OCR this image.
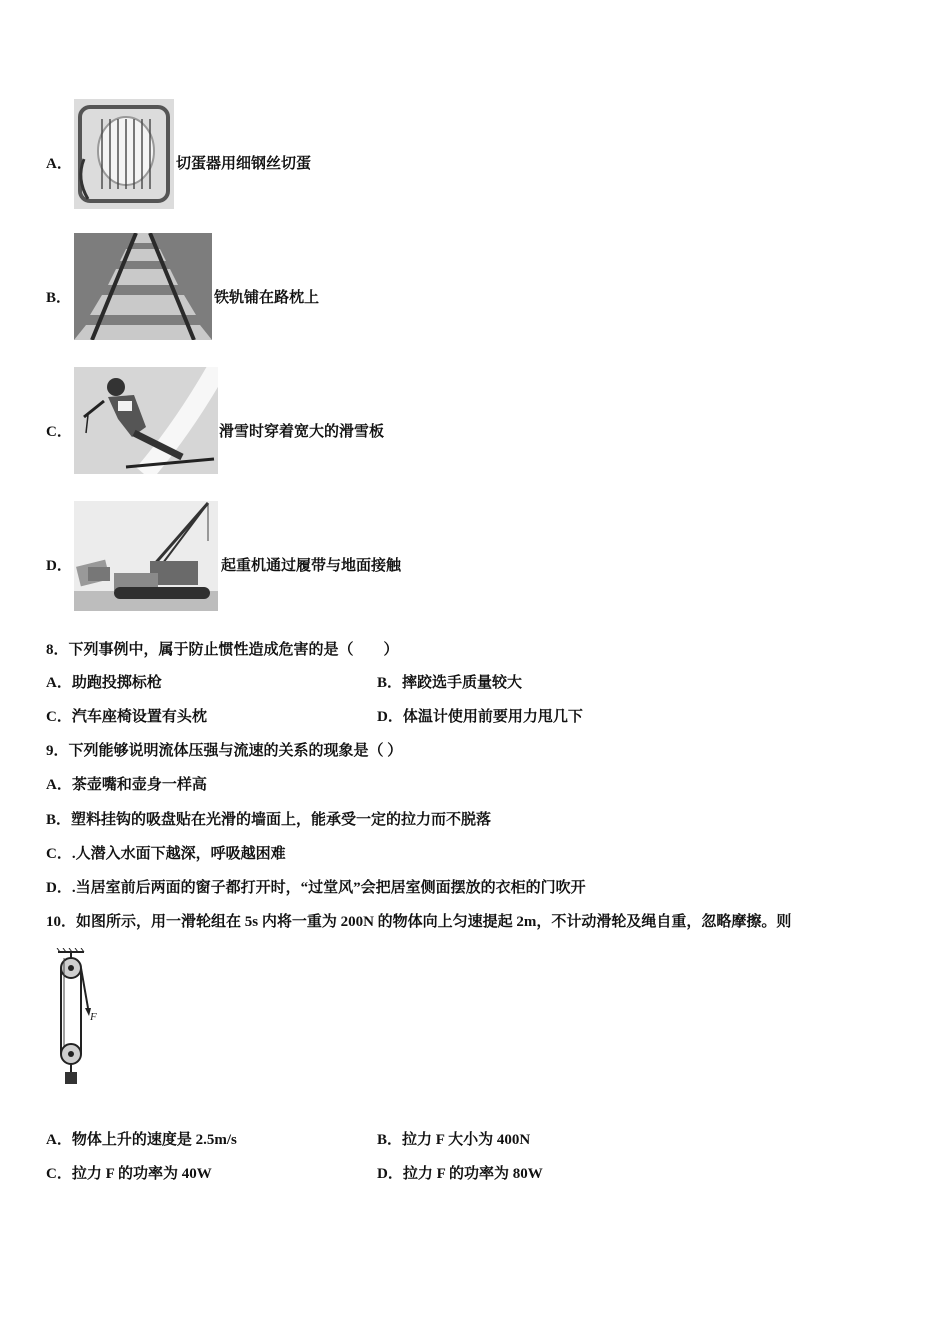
A．	切蛋器用细钢丝切蛋
B．	铁轨铺在路枕上
C．	滑雪时穿着宽大的滑雪板
D．	起重机通过履带与地面接触
8．下列事例中，属于防止惯性造成危害的是（　　）
A．助跑投掷标枪	B．摔跤选手质量较大
C．汽车座椅设置有头枕	D．体温计使用前要用力甩几下
9．下列能够说明流体压强与流速的关系的现象是（ ）
A．茶壶嘴和壶身一样高
B．塑料挂钩的吸盘贴在光滑的墙面上，能承受一定的拉力而不脱落
C．.人潜入水面下越深，呼吸越困难
D．.当居室前后两面的窗子都打开时，“过堂风”会把居室侧面摆放的衣柜的门吹开
10．如图所示，用一滑轮组在 5s 内将一重为 200N 的物体向上匀速提起 2m，不计动滑轮及绳自重，忽略摩擦。则
F
A．物体上升的速度是 2.5m/s	B．拉力 F 大小为 400N
C．拉力 F 的功率为 40W	D．拉力 F 的功率为 80W
